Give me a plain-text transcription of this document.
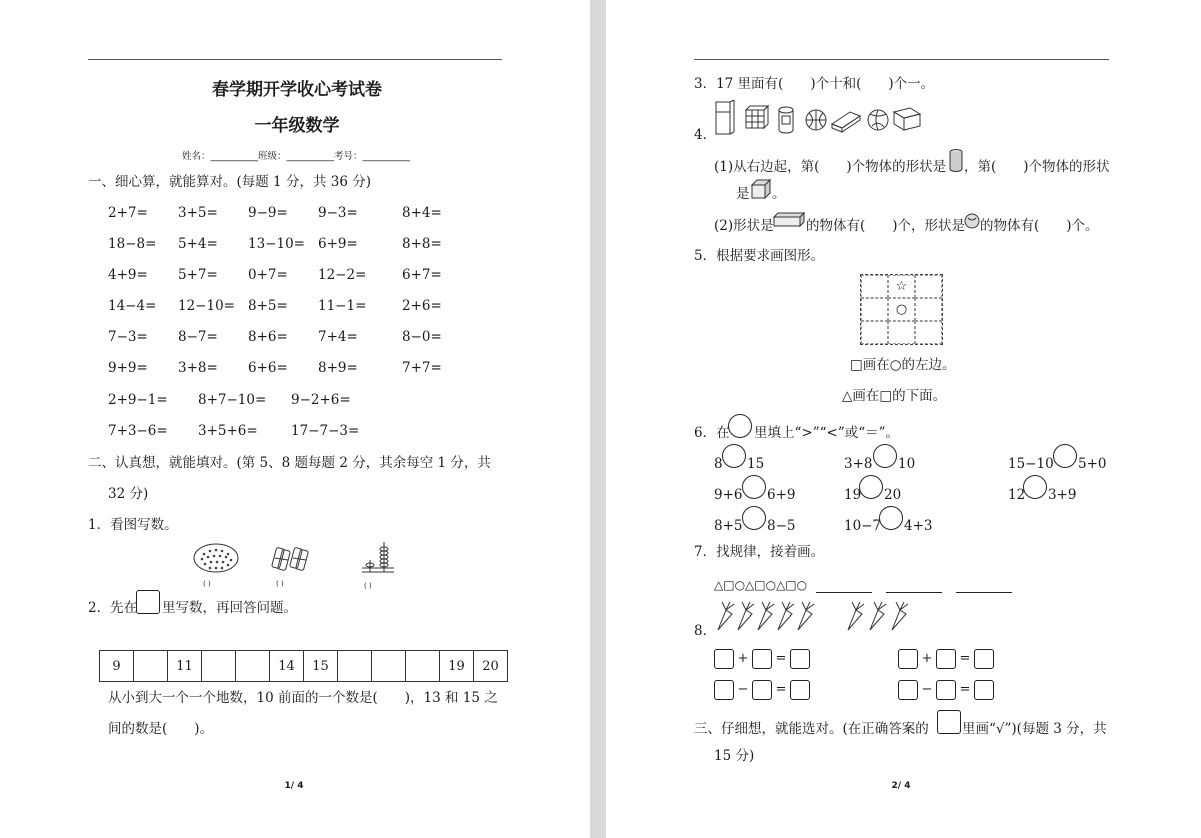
春学期开学收心考试卷
一年级数学
姓名：__________班级：__________考号：__________
一、细心算，就能算对。(每题 1 分，共 36 分)
2+7= 3+5= 9−9= 9−3=	8+4=
18−8= 5+4= 13−10= 6+9=	8+8=
4+9= 5+7= 0+7= 12−2=	6+7=
14−4= 12−10= 8+5= 11−1=	2+6=
7−3= 8−7= 8+6= 7+4=	8−0=
9+9= 3+8= 6+6= 8+9=	7+7=
2+9−1= 8+7−10= 9−2+6=
7+3−6= 3+5+6= 17−7−3=
二、认真想，就能填对。(第 5、8 题每题 2 分，其余每空 1 分，共
32 分)
1．看图写数。
( )	( )	( )
2．先在 里写数，再回答问题。
9		11			14	15				19	20
从小到大一个一个地数，10 前面的一个数是(　　)，13 和 15 之
间的数是(　　)。
1/ 4
3．17 里面有(　　)个十和(　　)个一。
4．
(1)从右边起，第(　　)个物体的形状是 ，第(　　)个物体的形状
是 。
(2)形状是 的物体有(　　)个，形状是 的物体有(　　)个。
5．根据要求画图形。
☆
○
□画在○的左边。
△画在□的下面。
6．在 里填上“>”“<”或“＝”。
8 15	3+8 10	15−10 5+0
9+6 6+9	19 20	12 3+9
8+5 8−5	10−7 4+3
7．找规律，接着画。
△□○△□○△□○
8．
+ =	+ =
− =	− =
三、仔细想，就能选对。(在正确答案的 里画“√”)(每题 3 分，共
15 分)
2/ 4
